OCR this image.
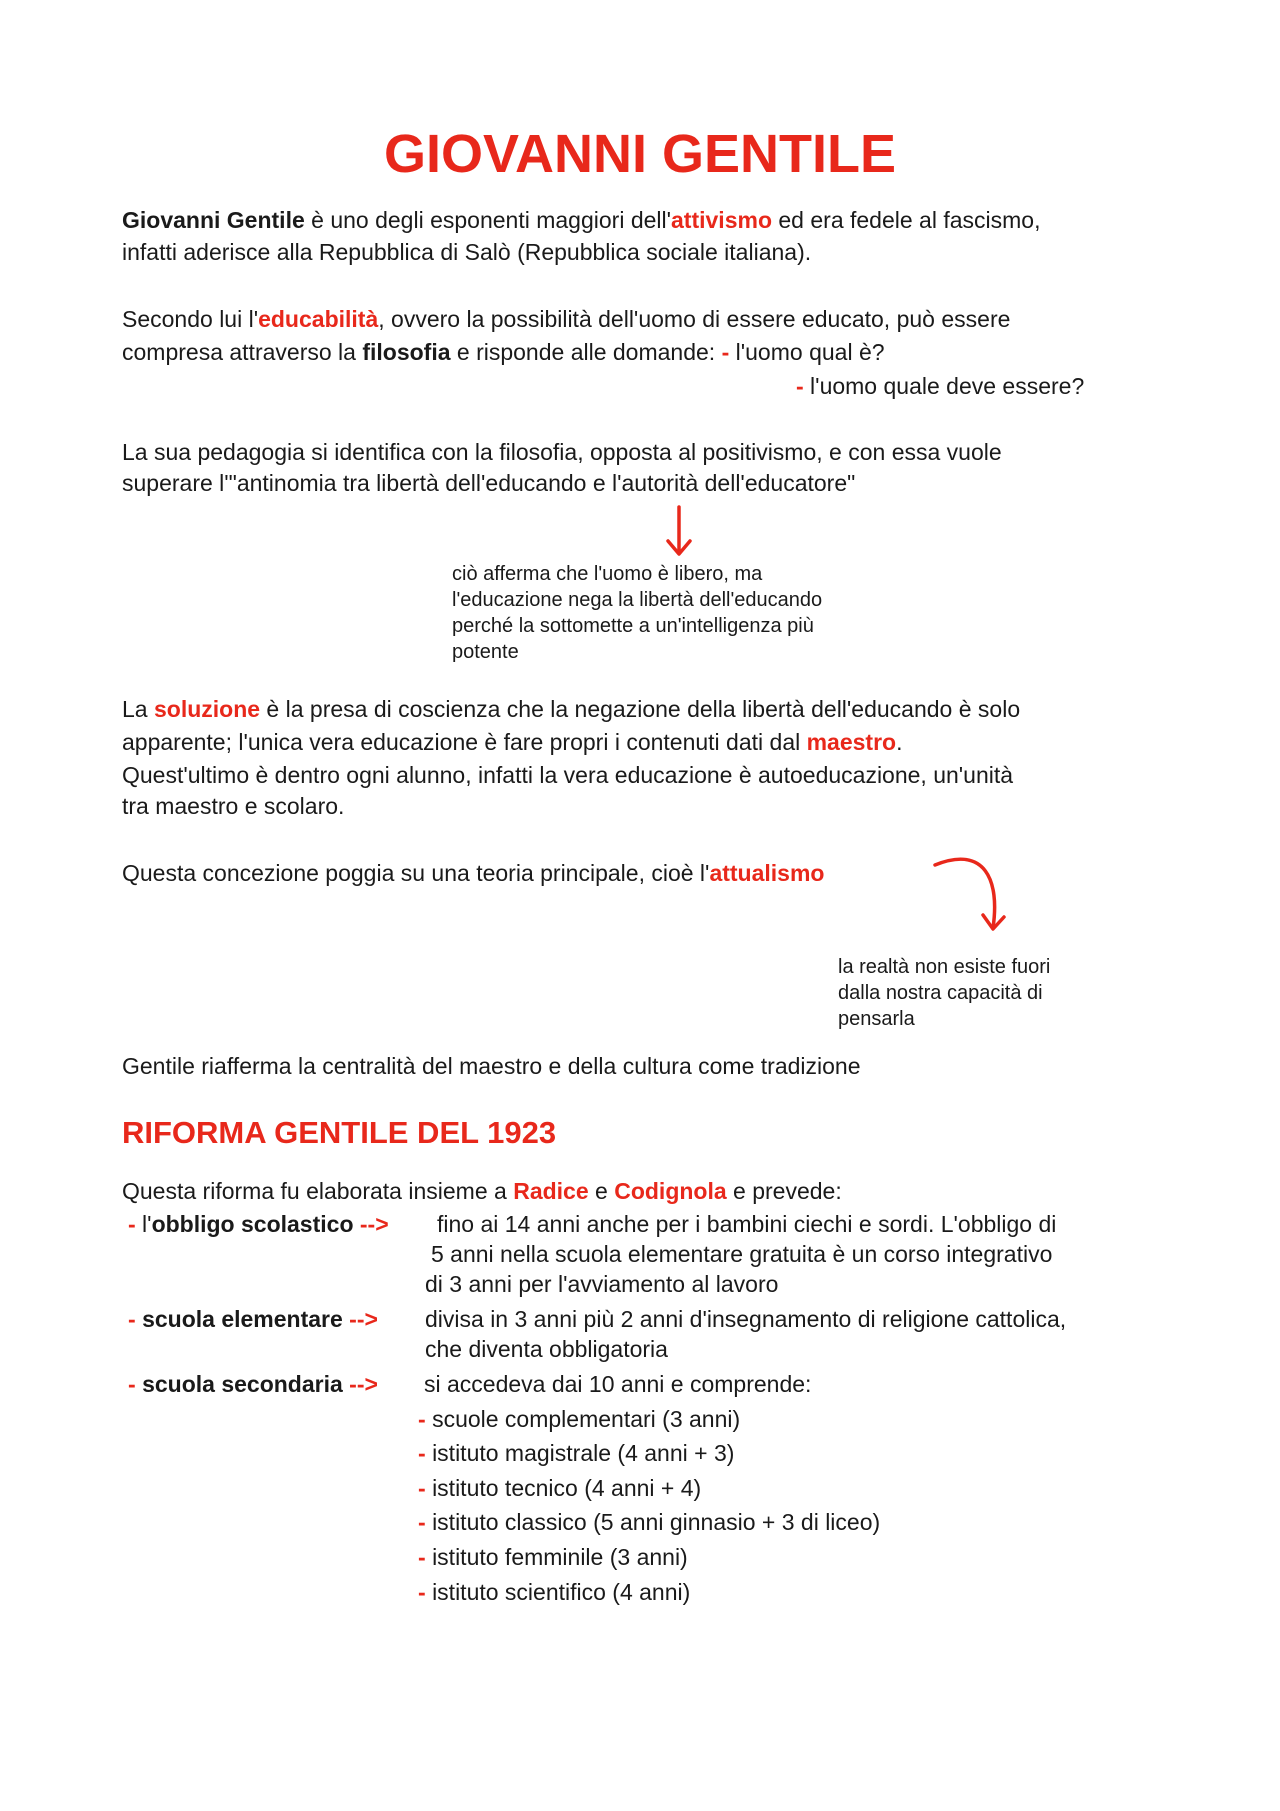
GIOVANNI GENTILE
Giovanni Gentile è uno degli esponenti maggiori dell'attivismo ed era fedele al fascismo,
infatti aderisce alla Repubblica di Salò (Repubblica sociale italiana).
Secondo lui l'educabilità, ovvero la possibilità dell'uomo di essere educato, può essere
compresa attraverso la filosofia e risponde alle domande: - l'uomo qual è?
- l'uomo quale deve essere?
La sua pedagogia si identifica con la filosofia, opposta al positivismo, e con essa vuole
superare l'"antinomia tra libertà dell'educando e l'autorità dell'educatore"
ciò afferma che l'uomo è libero, ma
l'educazione nega la libertà dell'educando
perché la sottomette a un'intelligenza più
potente
La soluzione è la presa di coscienza che la negazione della libertà dell'educando è solo
apparente; l'unica vera educazione è fare propri i contenuti dati dal maestro.
Quest'ultimo è dentro ogni alunno, infatti la vera educazione è autoeducazione, un'unità
tra maestro e scolaro.
Questa concezione poggia su una teoria principale, cioè l'attualismo
la realtà non esiste fuori
dalla nostra capacità di
pensarla
Gentile riafferma la centralità del maestro e della cultura come tradizione
RIFORMA GENTILE DEL 1923
Questa riforma fu elaborata insieme a Radice e Codignola e prevede:
- l'obbligo scolastico --> fino ai 14 anni anche per i bambini ciechi e sordi. L'obbligo di
5 anni nella scuola elementare gratuita è un corso integrativo
di 3 anni per l'avviamento al lavoro
- scuola elementare --> divisa in 3 anni più 2 anni d'insegnamento di religione cattolica,
che diventa obbligatoria
- scuola secondaria --> si accedeva dai 10 anni e comprende:
- scuole complementari (3 anni)
- istituto magistrale (4 anni + 3)
- istituto tecnico (4 anni + 4)
- istituto classico (5 anni ginnasio + 3 di liceo)
- istituto femminile (3 anni)
- istituto scientifico (4 anni)
